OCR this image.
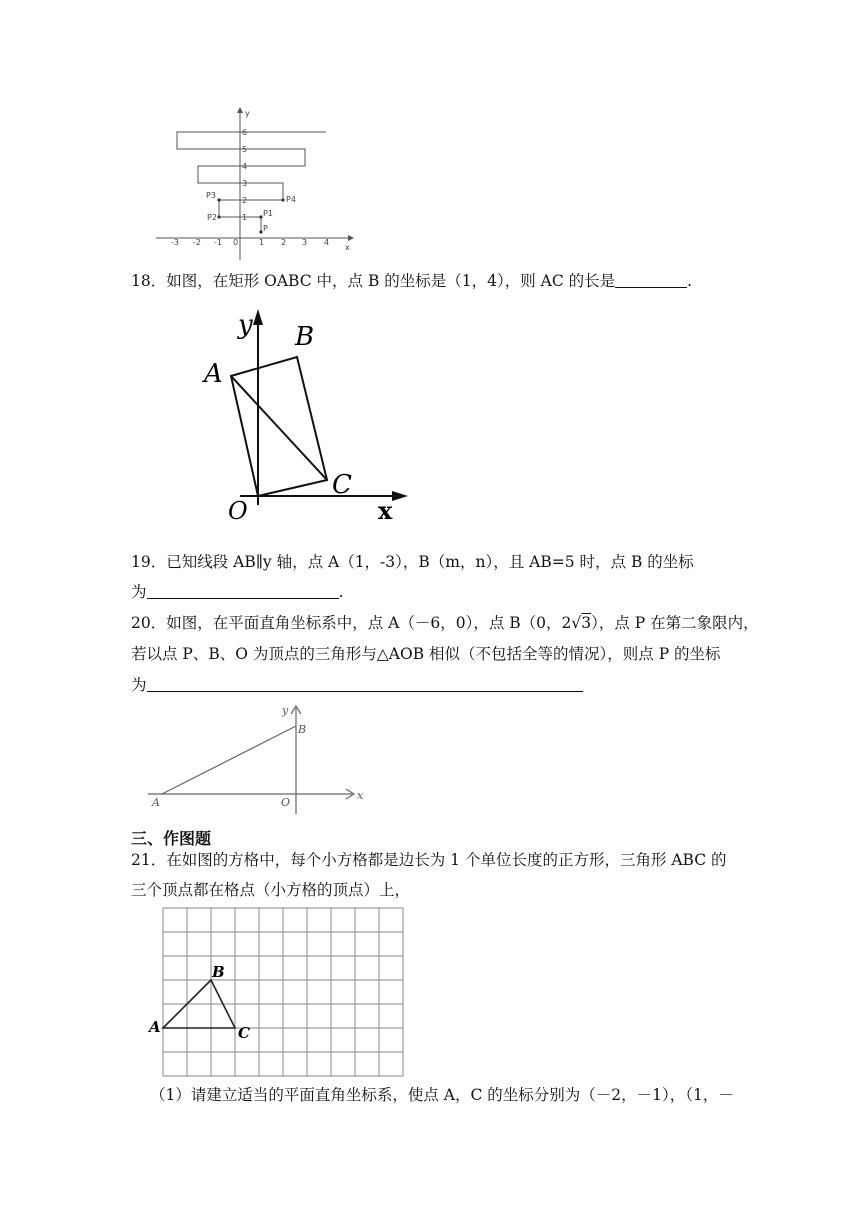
y
x
-3 -2 -1 0	1 2 3 4
1
2
3
4
5
6
P
P1
P2
P3	P4
18．如图，在矩形 OABC 中，点 B 的坐标是（1，4），则 AC 的长是	.
y B
A
C
O	x
19．已知线段 AB∥y 轴，点 A（1，-3），B（m，n），且 AB=5 时，点 B 的坐标
为	.
20．如图，在平面直角坐标系中，点 A（－6，0），点 B（0，2√3），点 P 在第二象限内，
若以点 P、B、O 为顶点的三角形与△AOB 相似（不包括全等的情况），则点 P 的坐标
为
y
B
A	O
x
三、作图题
21．在如图的方格中，每个小方格都是边长为 1 个单位长度的正方形，三角形 ABC 的
三个顶点都在格点（小方格的顶点）上，
B
A	C
（1）请建立适当的平面直角坐标系，使点 A，C 的坐标分别为（－2，－1），（1，－
